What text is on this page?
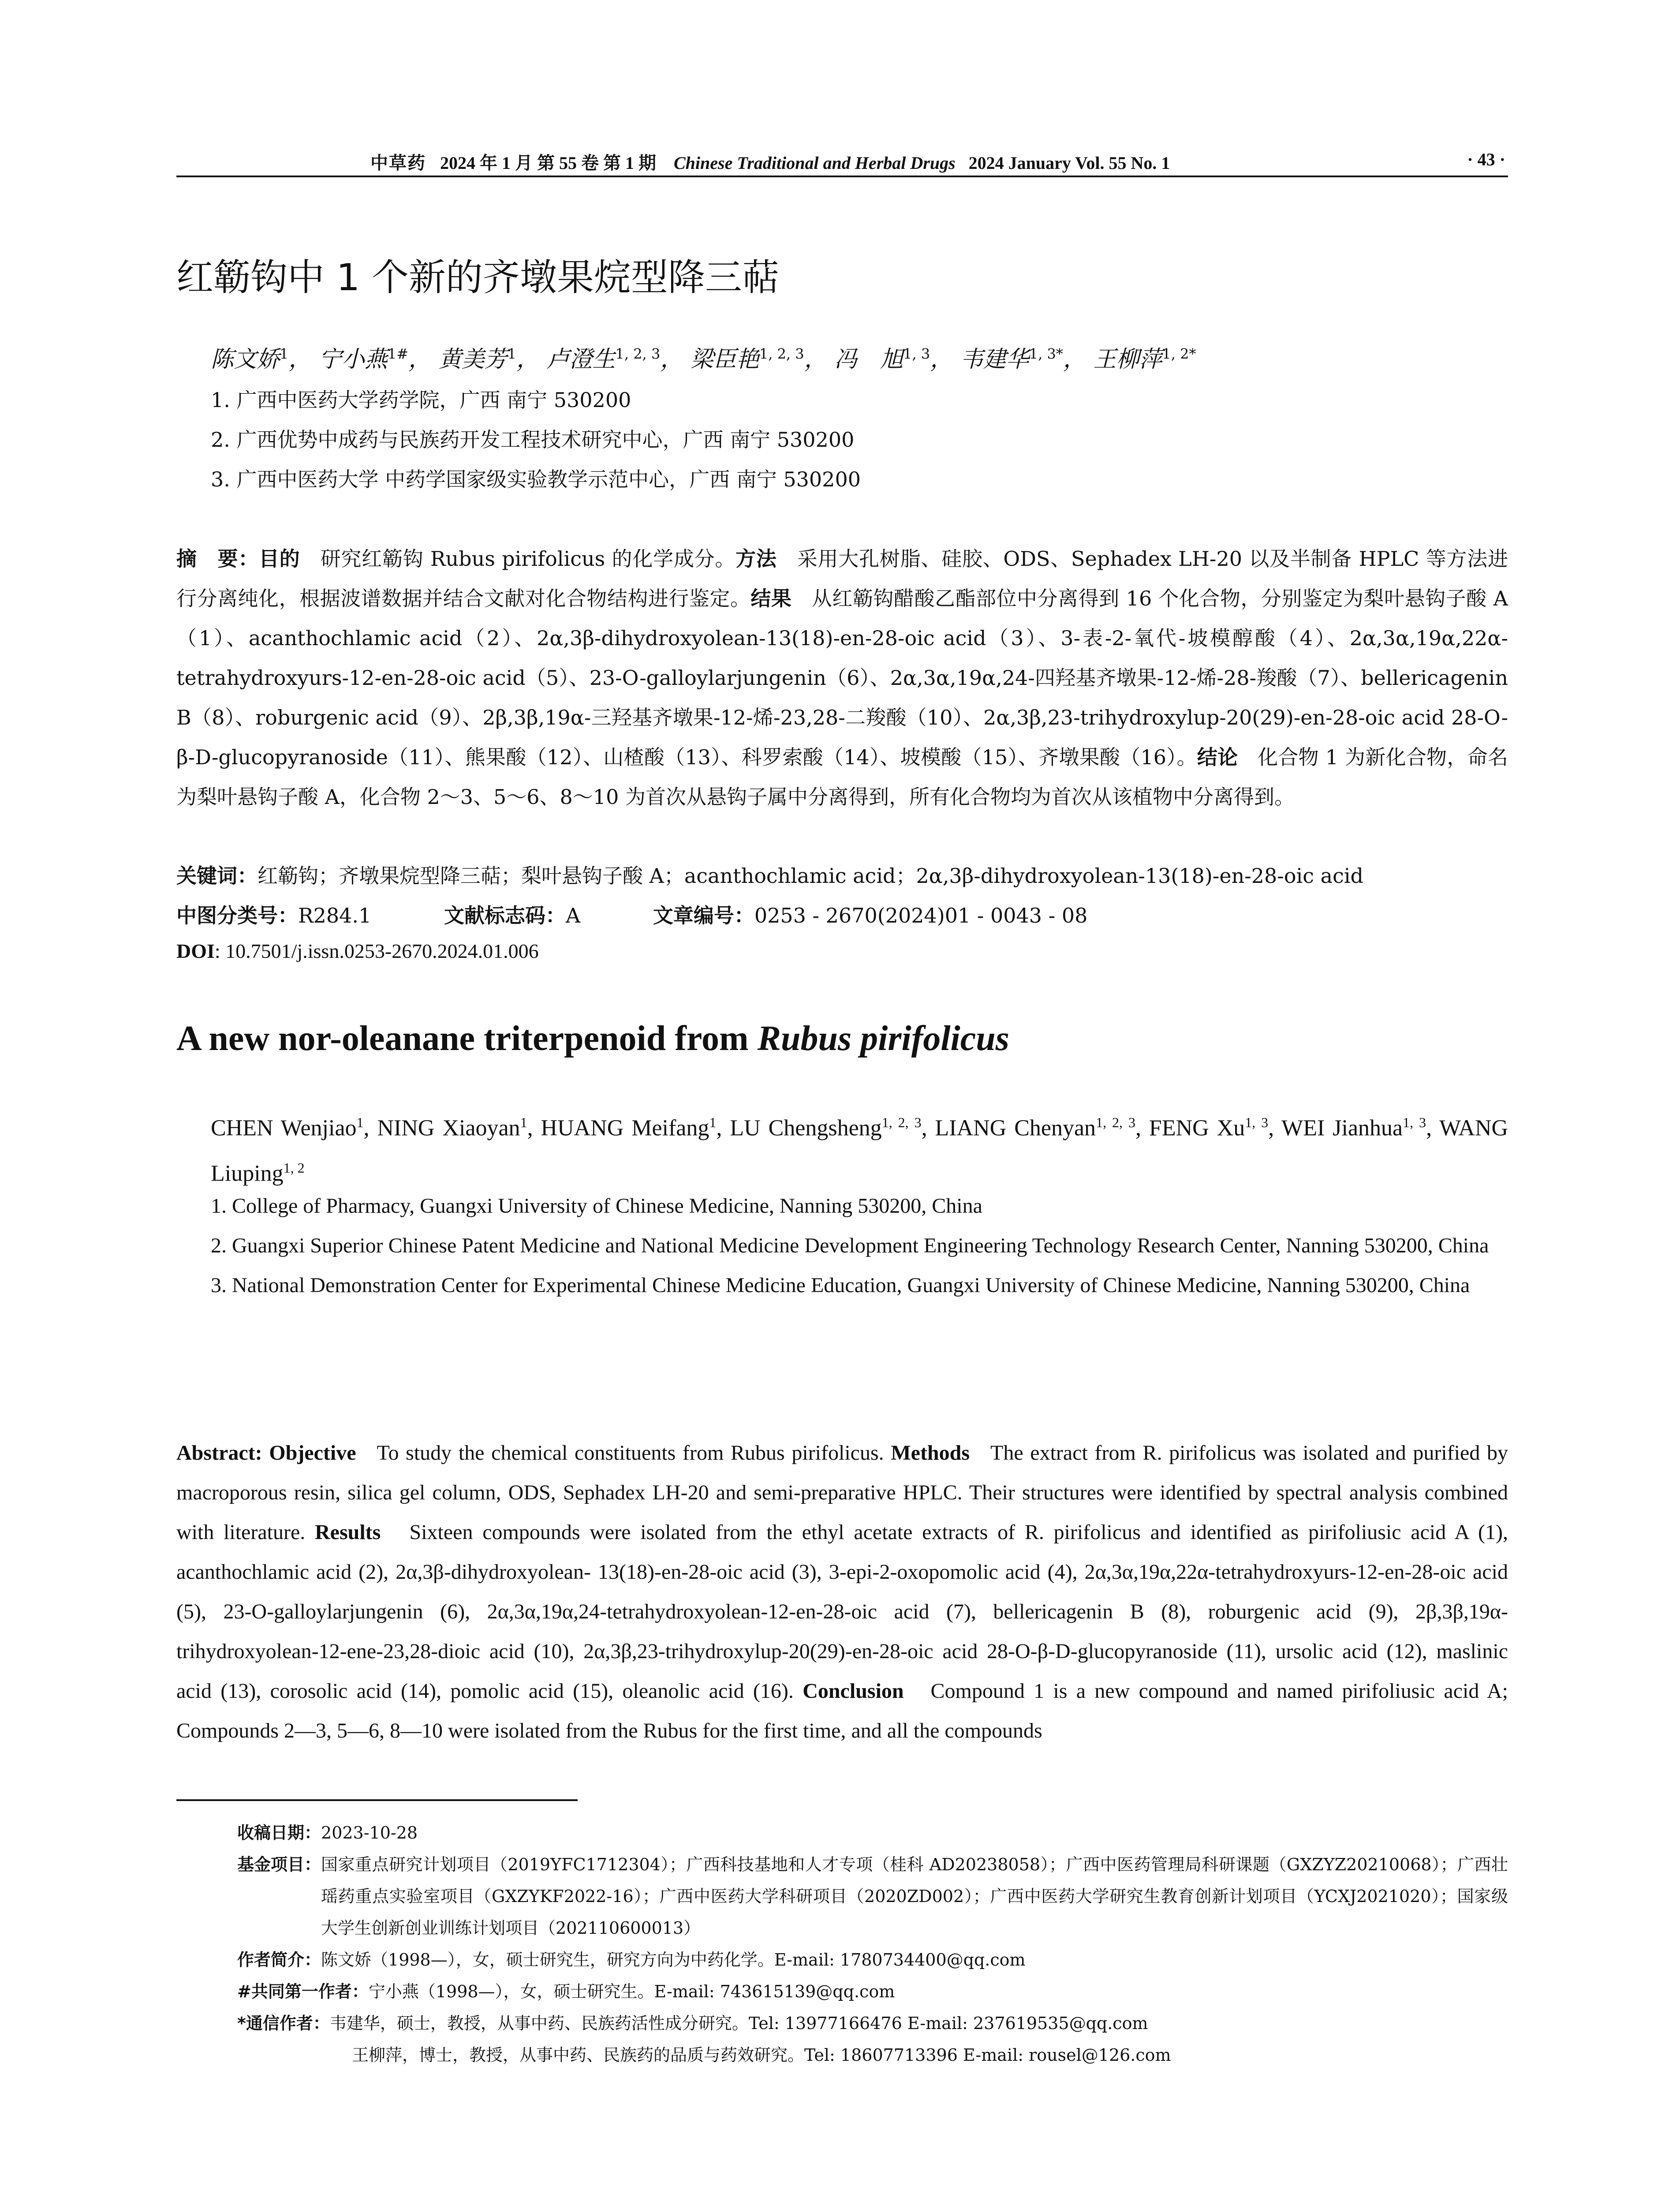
中草药 2024 年 1 月 第 55 卷 第 1 期 Chinese Traditional and Herbal Drugs 2024 January Vol. 55 No. 1	· 43 ·
红簕钩中 1 个新的齐墩果烷型降三萜
陈文娇$^1$， 宁小燕$^{1\#}$， 黄美芳$^1$， 卢澄生$^{1, 2, 3}$， 梁臣艳$^{1, 2, 3}$， 冯　旭$^{1, 3}$， 韦建华$^{1, 3*}$， 王柳萍$^{1, 2*}$
1. 广西中医药大学药学院，广西 南宁 530200
2. 广西优势中成药与民族药开发工程技术研究中心，广西 南宁 530200
3. 广西中医药大学 中药学国家级实验教学示范中心，广西 南宁 530200
摘　要：目的 研究红簕钩 Rubus pirifolicus 的化学成分。方法 采用大孔树脂、硅胶、ODS、Sephadex LH-20 以及半制备 HPLC 等方法进行分离纯化，根据波谱数据并结合文献对化合物结构进行鉴定。结果 从红簕钩醋酸乙酯部位中分离得到 16 个化合物，分别鉴定为梨叶悬钩子酸 A（1）、acanthochlamic acid（2）、2α,3β-dihydroxyolean-13(18)-en-28-oic acid（3）、3-表-2-氧代-坡模醇酸（4）、2α,3α,19α,22α-tetrahydroxyurs-12-en-28-oic acid（5）、23-O-galloylarjungenin（6）、2α,3α,19α,24-四羟基齐墩果-12-烯-28-羧酸（7）、bellericagenin B（8）、roburgenic acid（9）、2β,3β,19α-三羟基齐墩果-12-烯-23,28-二羧酸（10）、2α,3β,23-trihydroxylup-20(29)-en-28-oic acid 28-O-β-D-glucopyranoside（11）、熊果酸（12）、山楂酸（13）、科罗索酸（14）、坡模酸（15）、齐墩果酸（16）。结论 化合物 1 为新化合物，命名为梨叶悬钩子酸 A，化合物 2～3、5～6、8～10 为首次从悬钩子属中分离得到，所有化合物均为首次从该植物中分离得到。
关键词：红簕钩；齐墩果烷型降三萜；梨叶悬钩子酸 A；acanthochlamic acid；2α,3β-dihydroxyolean-13(18)-en-28-oic acid
中图分类号：R284.1	文献标志码：A	文章编号：0253 - 2670(2024)01 - 0043 - 08
DOI: 10.7501/j.issn.0253-2670.2024.01.006
A new nor-oleanane triterpenoid from Rubus pirifolicus
CHEN Wenjiao$^1$, NING Xiaoyan$^1$, HUANG Meifang$^1$, LU Chengsheng$^{1, 2, 3}$, LIANG Chenyan$^{1, 2, 3}$, FENG Xu$^{1, 3}$, WEI Jianhua$^{1, 3}$, WANG Liuping$^{1, 2}$
1. College of Pharmacy, Guangxi University of Chinese Medicine, Nanning 530200, China
2. Guangxi Superior Chinese Patent Medicine and National Medicine Development Engineering Technology Research Center, Nanning 530200, China
3. National Demonstration Center for Experimental Chinese Medicine Education, Guangxi University of Chinese Medicine, Nanning 530200, China
Abstract: Objective To study the chemical constituents from Rubus pirifolicus. Methods The extract from R. pirifolicus was isolated and purified by macroporous resin, silica gel column, ODS, Sephadex LH-20 and semi-preparative HPLC. Their structures were identified by spectral analysis combined with literature. Results Sixteen compounds were isolated from the ethyl acetate extracts of R. pirifolicus and identified as pirifoliusic acid A (1), acanthochlamic acid (2), 2α,3β-dihydroxyolean- 13(18)-en-28-oic acid (3), 3-epi-2-oxopomolic acid (4), 2α,3α,19α,22α-tetrahydroxyurs-12-en-28-oic acid (5), 23-O-galloylarjungenin (6), 2α,3α,19α,24-tetrahydroxyolean-12-en-28-oic acid (7), bellericagenin B (8), roburgenic acid (9), 2β,3β,19α-trihydroxyolean-12-ene-23,28-dioic acid (10), 2α,3β,23-trihydroxylup-20(29)-en-28-oic acid 28-O-β-D-glucopyranoside (11), ursolic acid (12), maslinic acid (13), corosolic acid (14), pomolic acid (15), oleanolic acid (16). Conclusion Compound 1 is a new compound and named pirifoliusic acid A; Compounds 2—3, 5—6, 8—10 were isolated from the Rubus for the first time, and all the compounds
收稿日期： 2023-10-28
基金项目： 国家重点研究计划项目（2019YFC1712304）；广西科技基地和人才专项（桂科 AD20238058）；广西中医药管理局科研课题（GXZYZ20210068）；广西壮瑶药重点实验室项目（GXZYKF2022-16）；广西中医药大学科研项目（2020ZD002）；广西中医药大学研究生教育创新计划项目（YCXJ2021020）；国家级大学生创新创业训练计划项目（202110600013）
作者简介： 陈文娇（1998—），女，硕士研究生，研究方向为中药化学。E-mail: 1780734400@qq.com
#共同第一作者： 宁小燕（1998—），女，硕士研究生。E-mail: 743615139@qq.com
*通信作者： 韦建华，硕士，教授，从事中药、民族药活性成分研究。Tel: 13977166476 E-mail: 237619535@qq.com
王柳萍，博士，教授，从事中药、民族药的品质与药效研究。Tel: 18607713396 E-mail: rousel@126.com
